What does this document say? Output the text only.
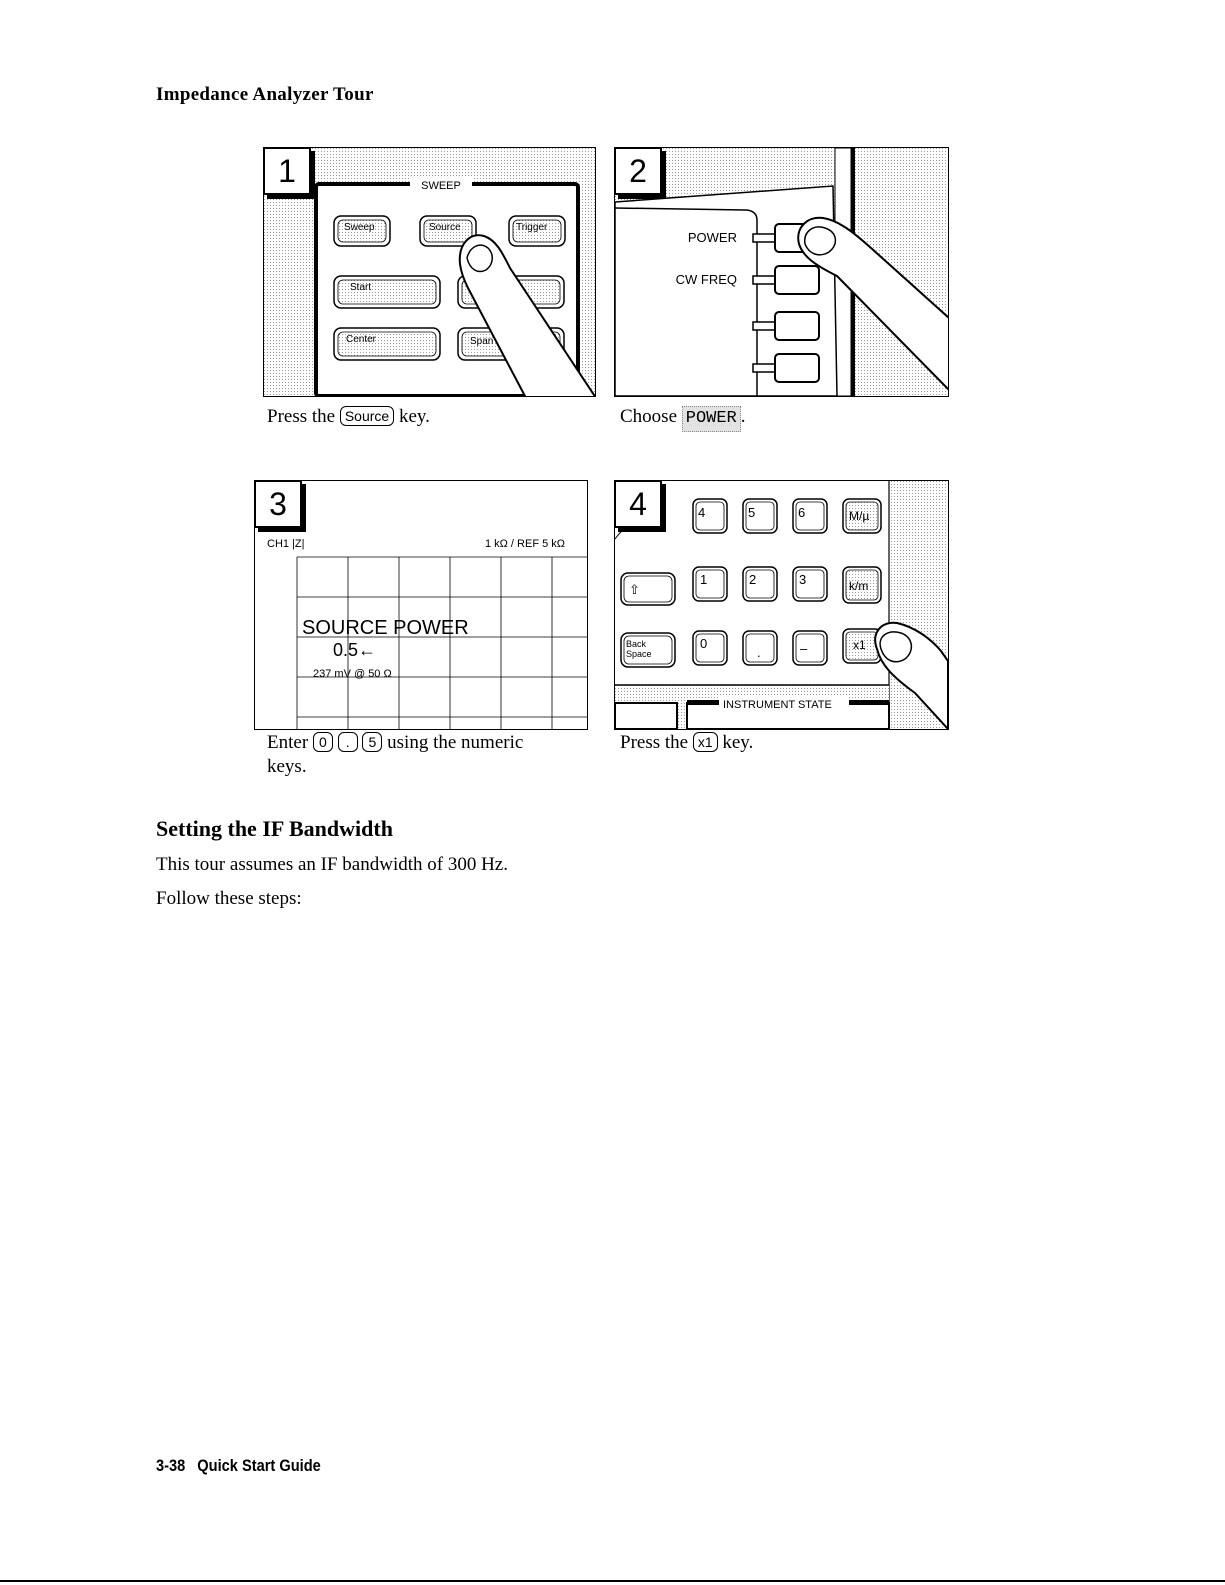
Impedance Analyzer Tour
1	SWEEP
Sweep	Source	Trigger
Start
Center	Span
Press the Source key.
2
POWER
CW FREQ
Choose POWER .
3
CH1 |Z|	1 kΩ / REF 5 kΩ
SOURCE POWER
0.5←
237 mV @ 50 Ω
Enter 0 . 5 using the numeric
keys.
4	4	5	6	M/µ
⇧
1	2	3	k/m
Back
Space
0
.	–	x1
INSTRUMENT STATE
Press the x1 key.
Setting the IF Bandwidth
This tour assumes an IF bandwidth of 300 Hz.
Follow these steps:
3-38 Quick Start Guide
